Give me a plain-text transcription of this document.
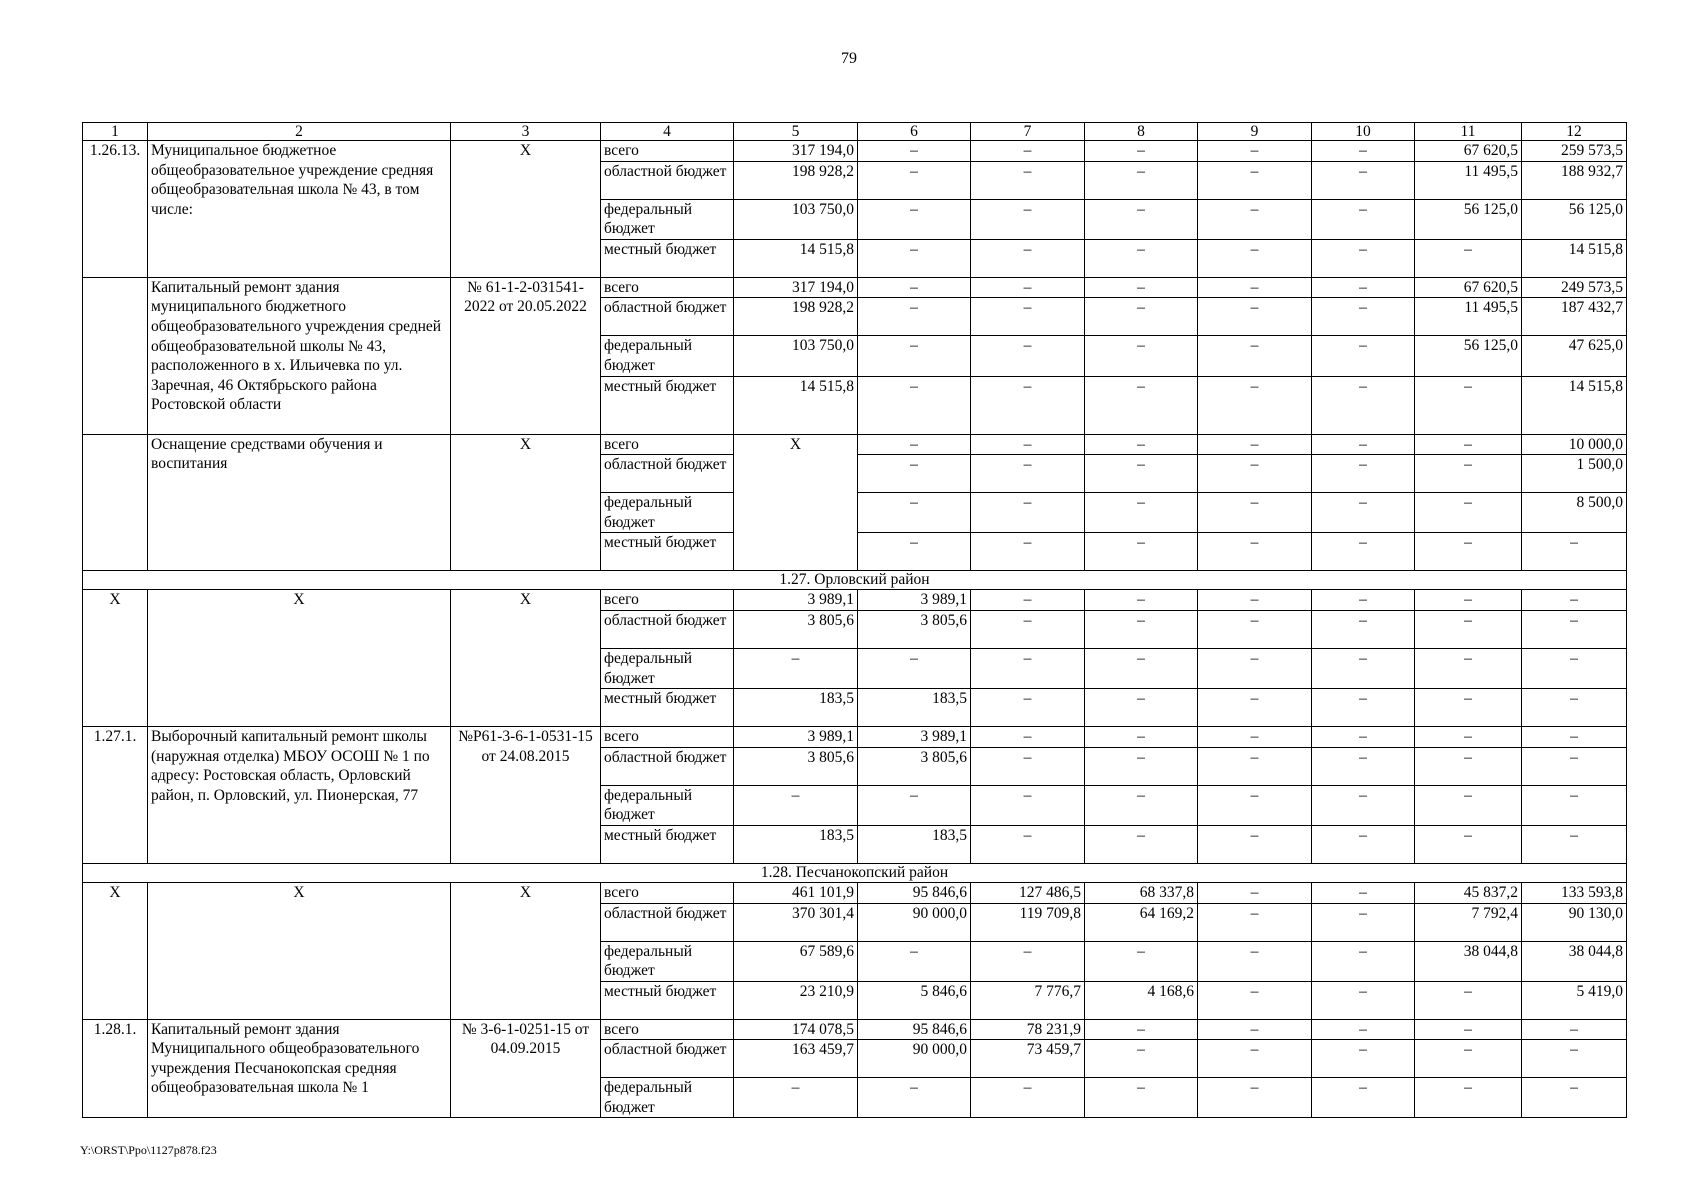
79
1	2	3	4	5	6	7	8	9	10	11	12
1.26.13.	Муниципальное бюджетное общеобразовательное учреждение средняя общеобразовательная школа № 43, в том числе:	X	всего	317 194,0	–	–	–	–	–	67 620,5	259 573,5
			областной бюджет	198 928,2	–	–	–	–	–	11 495,5	188 932,7
			федеральный бюджет	103 750,0	–	–	–	–	–	56 125,0	56 125,0
			местный бюджет	14 515,8	–	–	–	–	–	–	14 515,8
	Капитальный ремонт здания муниципального бюджетного общеобразовательного учреждения средней общеобразовательной школы № 43, расположенного в х. Ильичевка по ул. Заречная, 46 Октябрьского района Ростовской области	№ 61-1-2-031541-2022 от 20.05.2022	всего	317 194,0	–	–	–	–	–	67 620,5	249 573,5
			областной бюджет	198 928,2	–	–	–	–	–	11 495,5	187 432,7
			федеральный бюджет	103 750,0	–	–	–	–	–	56 125,0	47 625,0
			местный бюджет	14 515,8	–	–	–	–	–	–	14 515,8
	Оснащение средствами обучения и воспитания	X	всего	X	–	–	–	–	–	–	10 000,0
			областной бюджет		–	–	–	–	–	–	1 500,0
			федеральный бюджет		–	–	–	–	–	–	8 500,0
			местный бюджет		–	–	–	–	–	–	–
1.27. Орловский район											
X	X	X	всего	3 989,1	3 989,1	–	–	–	–	–	–
			областной бюджет	3 805,6	3 805,6	–	–	–	–	–	–
			федеральный бюджет	–	–	–	–	–	–	–	–
			местный бюджет	183,5	183,5	–	–	–	–	–	–
1.27.1.	Выборочный капитальный ремонт школы (наружная отделка) МБОУ ОСОШ № 1 по адресу: Ростовская область, Орловский район, п. Орловский, ул. Пионерская, 77	№Р61-3-6-1-0531-15 от 24.08.2015	всего	3 989,1	3 989,1	–	–	–	–	–	–
			областной бюджет	3 805,6	3 805,6	–	–	–	–	–	–
			федеральный бюджет	–	–	–	–	–	–	–	–
			местный бюджет	183,5	183,5	–	–	–	–	–	–
1.28. Песчанокопский район											
X	X	X	всего	461 101,9	95 846,6	127 486,5	68 337,8	–	–	45 837,2	133 593,8
			областной бюджет	370 301,4	90 000,0	119 709,8	64 169,2	–	–	7 792,4	90 130,0
			федеральный бюджет	67 589,6	–	–	–	–	–	38 044,8	38 044,8
			местный бюджет	23 210,9	5 846,6	7 776,7	4 168,6	–	–	–	5 419,0
1.28.1.	Капитальный ремонт здания Муниципального общеобразовательного учреждения Песчанокопская средняя общеобразовательная школа № 1	№ 3-6-1-0251-15 от 04.09.2015	всего	174 078,5	95 846,6	78 231,9	–	–	–	–	–
			областной бюджет	163 459,7	90 000,0	73 459,7	–	–	–	–	–
			федеральный бюджет	–	–	–	–	–	–	–	–
Y:\ORST\Ppo\1127p878.f23
